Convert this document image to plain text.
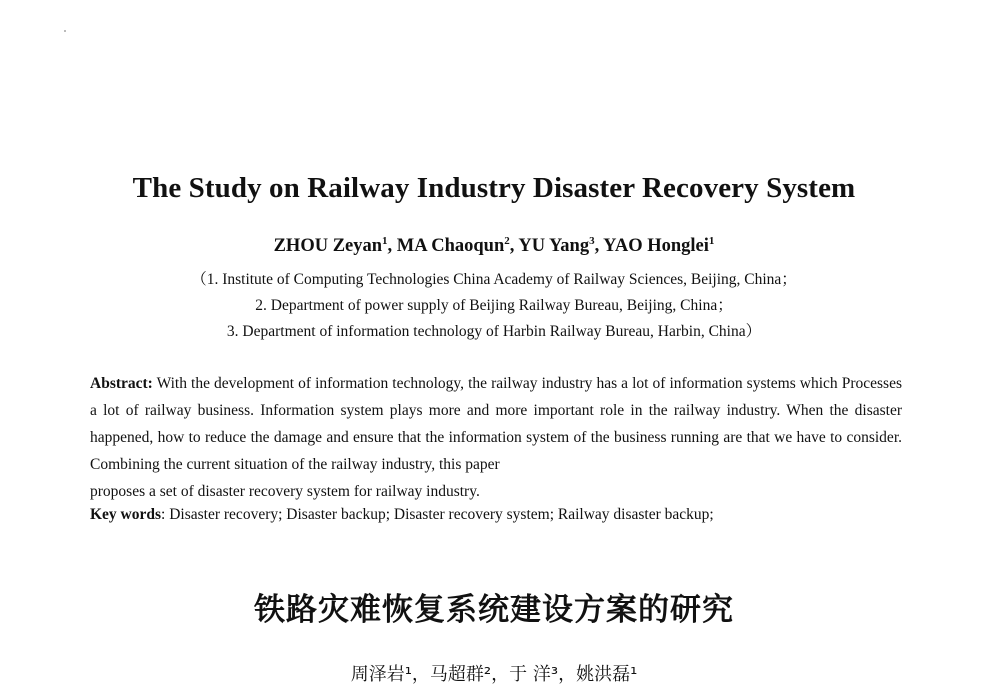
The Study on Railway Industry Disaster Recovery System
ZHOU Zeyan$^1$, MA Chaoqun$^2$, YU Yang$^3$, YAO Honglei$^1$
（1. Institute of Computing Technologies China Academy of Railway Sciences, Beijing, China；
2. Department of power supply of Beijing Railway Bureau, Beijing, China；
3. Department of information technology of Harbin Railway Bureau, Harbin, China）
Abstract: With the development of information technology, the railway industry has a lot of information systems which Processes a lot of railway business. Information system plays more and more important role in the railway industry. When the disaster happened, how to reduce the damage and ensure that the information system of the business running are that we have to consider. Combining the current situation of the railway industry, this paper
proposes a set of disaster recovery system for railway industry.
Key words: Disaster recovery; Disaster backup; Disaster recovery system; Railway disaster backup;
铁路灾难恢复系统建设方案的研究
周泽岩¹，马超群²，于 洋³，姚洪磊¹
